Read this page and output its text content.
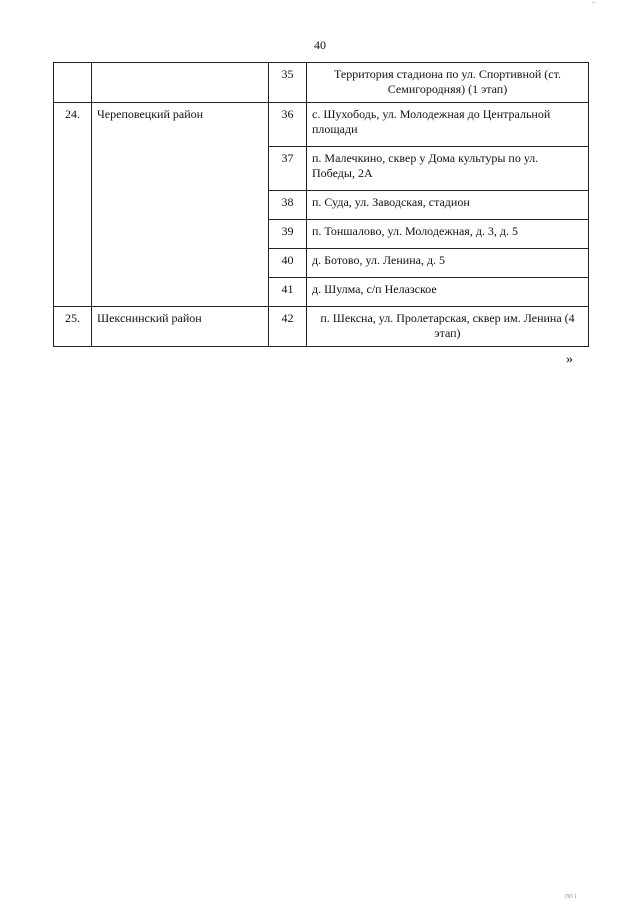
40
		35	Территория стадиона по ул. Спортивной (ст. Семигородняя) (1 этап)
24.	Череповецкий район	36	с. Шухободь, ул. Молодежная до Центральной площади
		37	п. Малечкино, сквер у Дома культуры по ул. Победы, 2А
		38	п. Суда, ул. Заводская, стадион
		39	п. Тоншалово, ул. Молодежная, д. 3, д. 5
		40	д. Ботово, ул. Ленина, д. 5
		41	д. Шулма, с/п Нелазское
25.	Шекснинский район	42	п. Шексна, ул. Пролетарская, сквер им. Ленина (4 этап)
»
пп і
